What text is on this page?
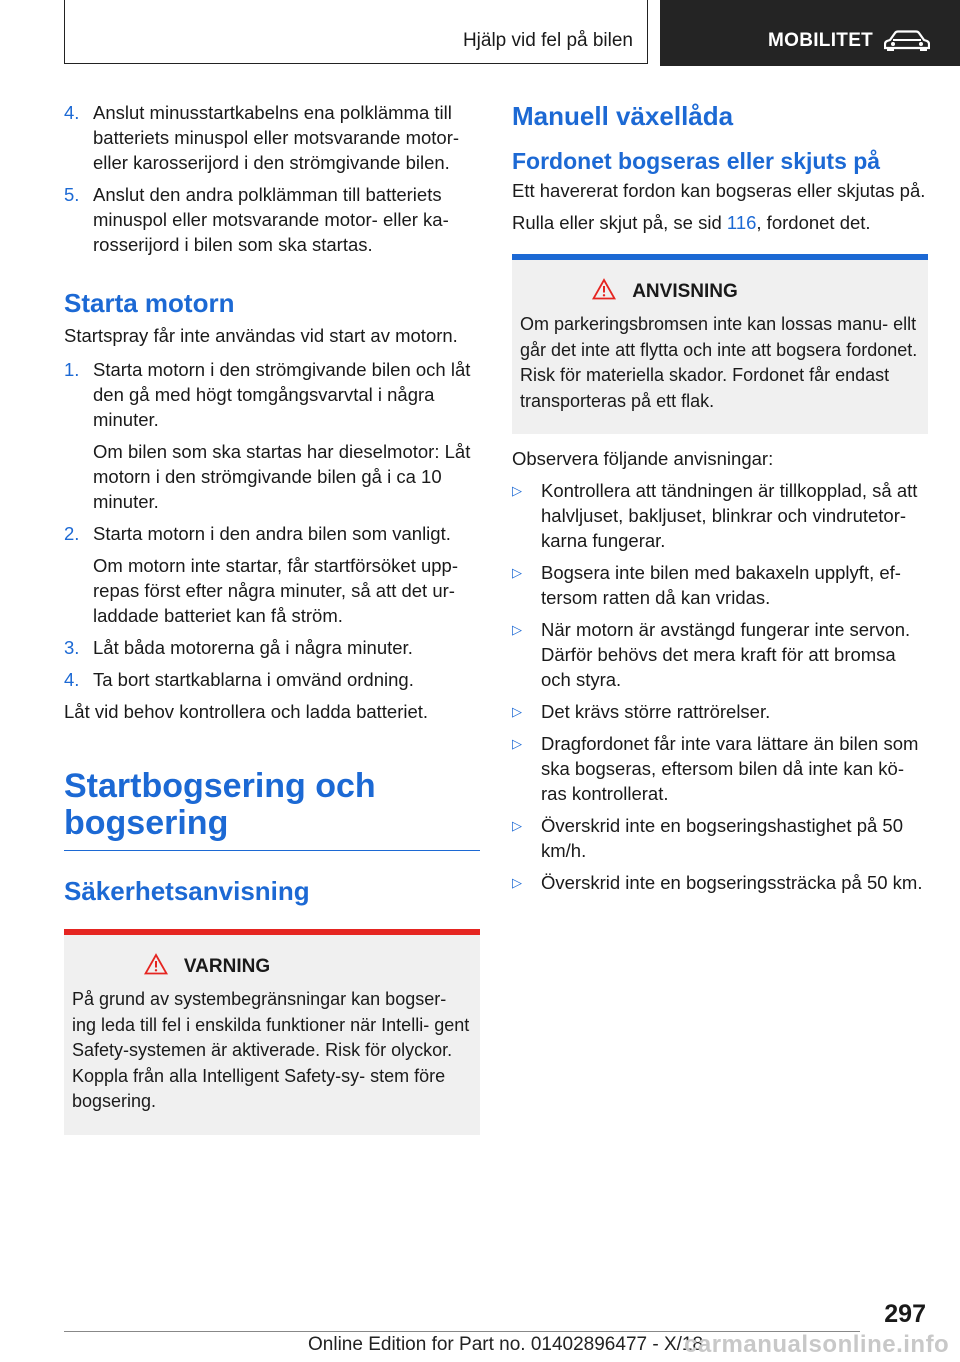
Hjälp vid fel på bilen	MOBILITET
4. Anslut minusstartkabelns ena polklämma till batteriets minuspol eller motsvarande motor- eller karosserijord i den strömgivande bilen.

5. Anslut den andra polklämman till batteriets minuspol eller motsvarande motor- eller ka- rosserijord i bilen som ska startas.

Starta motorn

Startspray får inte användas vid start av motorn.

1. Starta motorn i den strömgivande bilen och låt den gå med högt tomgångsvarvtal i några minuter.

Om bilen som ska startas har dieselmotor: Låt motorn i den strömgivande bilen gå i ca 10 minuter.

2. Starta motorn i den andra bilen som vanligt.

Om motorn inte startar, får startförsöket upp- repas först efter några minuter, så att det ur- laddade batteriet kan få ström.

3. Låt båda motorerna gå i några minuter.

4. Ta bort startkablarna i omvänd ordning.

Låt vid behov kontrollera och ladda batteriet.

Startbogsering och
bogsering
Säkerhetsanvisning
VARNING

På grund av systembegränsningar kan bogser- ing leda till fel i enskilda funktioner när Intelli- gent Safety-systemen är aktiverade. Risk för olyckor. Koppla från alla Intelligent Safety-sy- stem före bogsering.

Manuell växellåda
Fordonet bogseras eller skjuts på

Ett havererat fordon kan bogseras eller skjutas på.

Rulla eller skjut på, se sid 116, fordonet det.

ANVISNING

Om parkeringsbromsen inte kan lossas manu- ellt går det inte att flytta och inte att bogsera fordonet. Risk för materiella skador. Fordonet får endast transporteras på ett flak.

Observera följande anvisningar:

▷	Kontrollera att tändningen är tillkopplad, så att halvljuset, bakljuset, blinkrar och vindrutetor- karna fungerar.

▷	Bogsera inte bilen med bakaxeln upplyft, ef- tersom ratten då kan vridas.

▷	När motorn är avstängd fungerar inte servon. Därför behövs det mera kraft för att bromsa och styra.

▷	Det krävs större rattrörelser.

▷	Dragfordonet får inte vara lättare än bilen som ska bogseras, eftersom bilen då inte kan kö- ras kontrollerat.

▷	Överskrid inte en bogseringshastighet på 50 km/h.

▷	Överskrid inte en bogseringssträcka på 50 km.

297
Online Edition for Part no. 01402896477 - X/18
carmanualsonline.info
